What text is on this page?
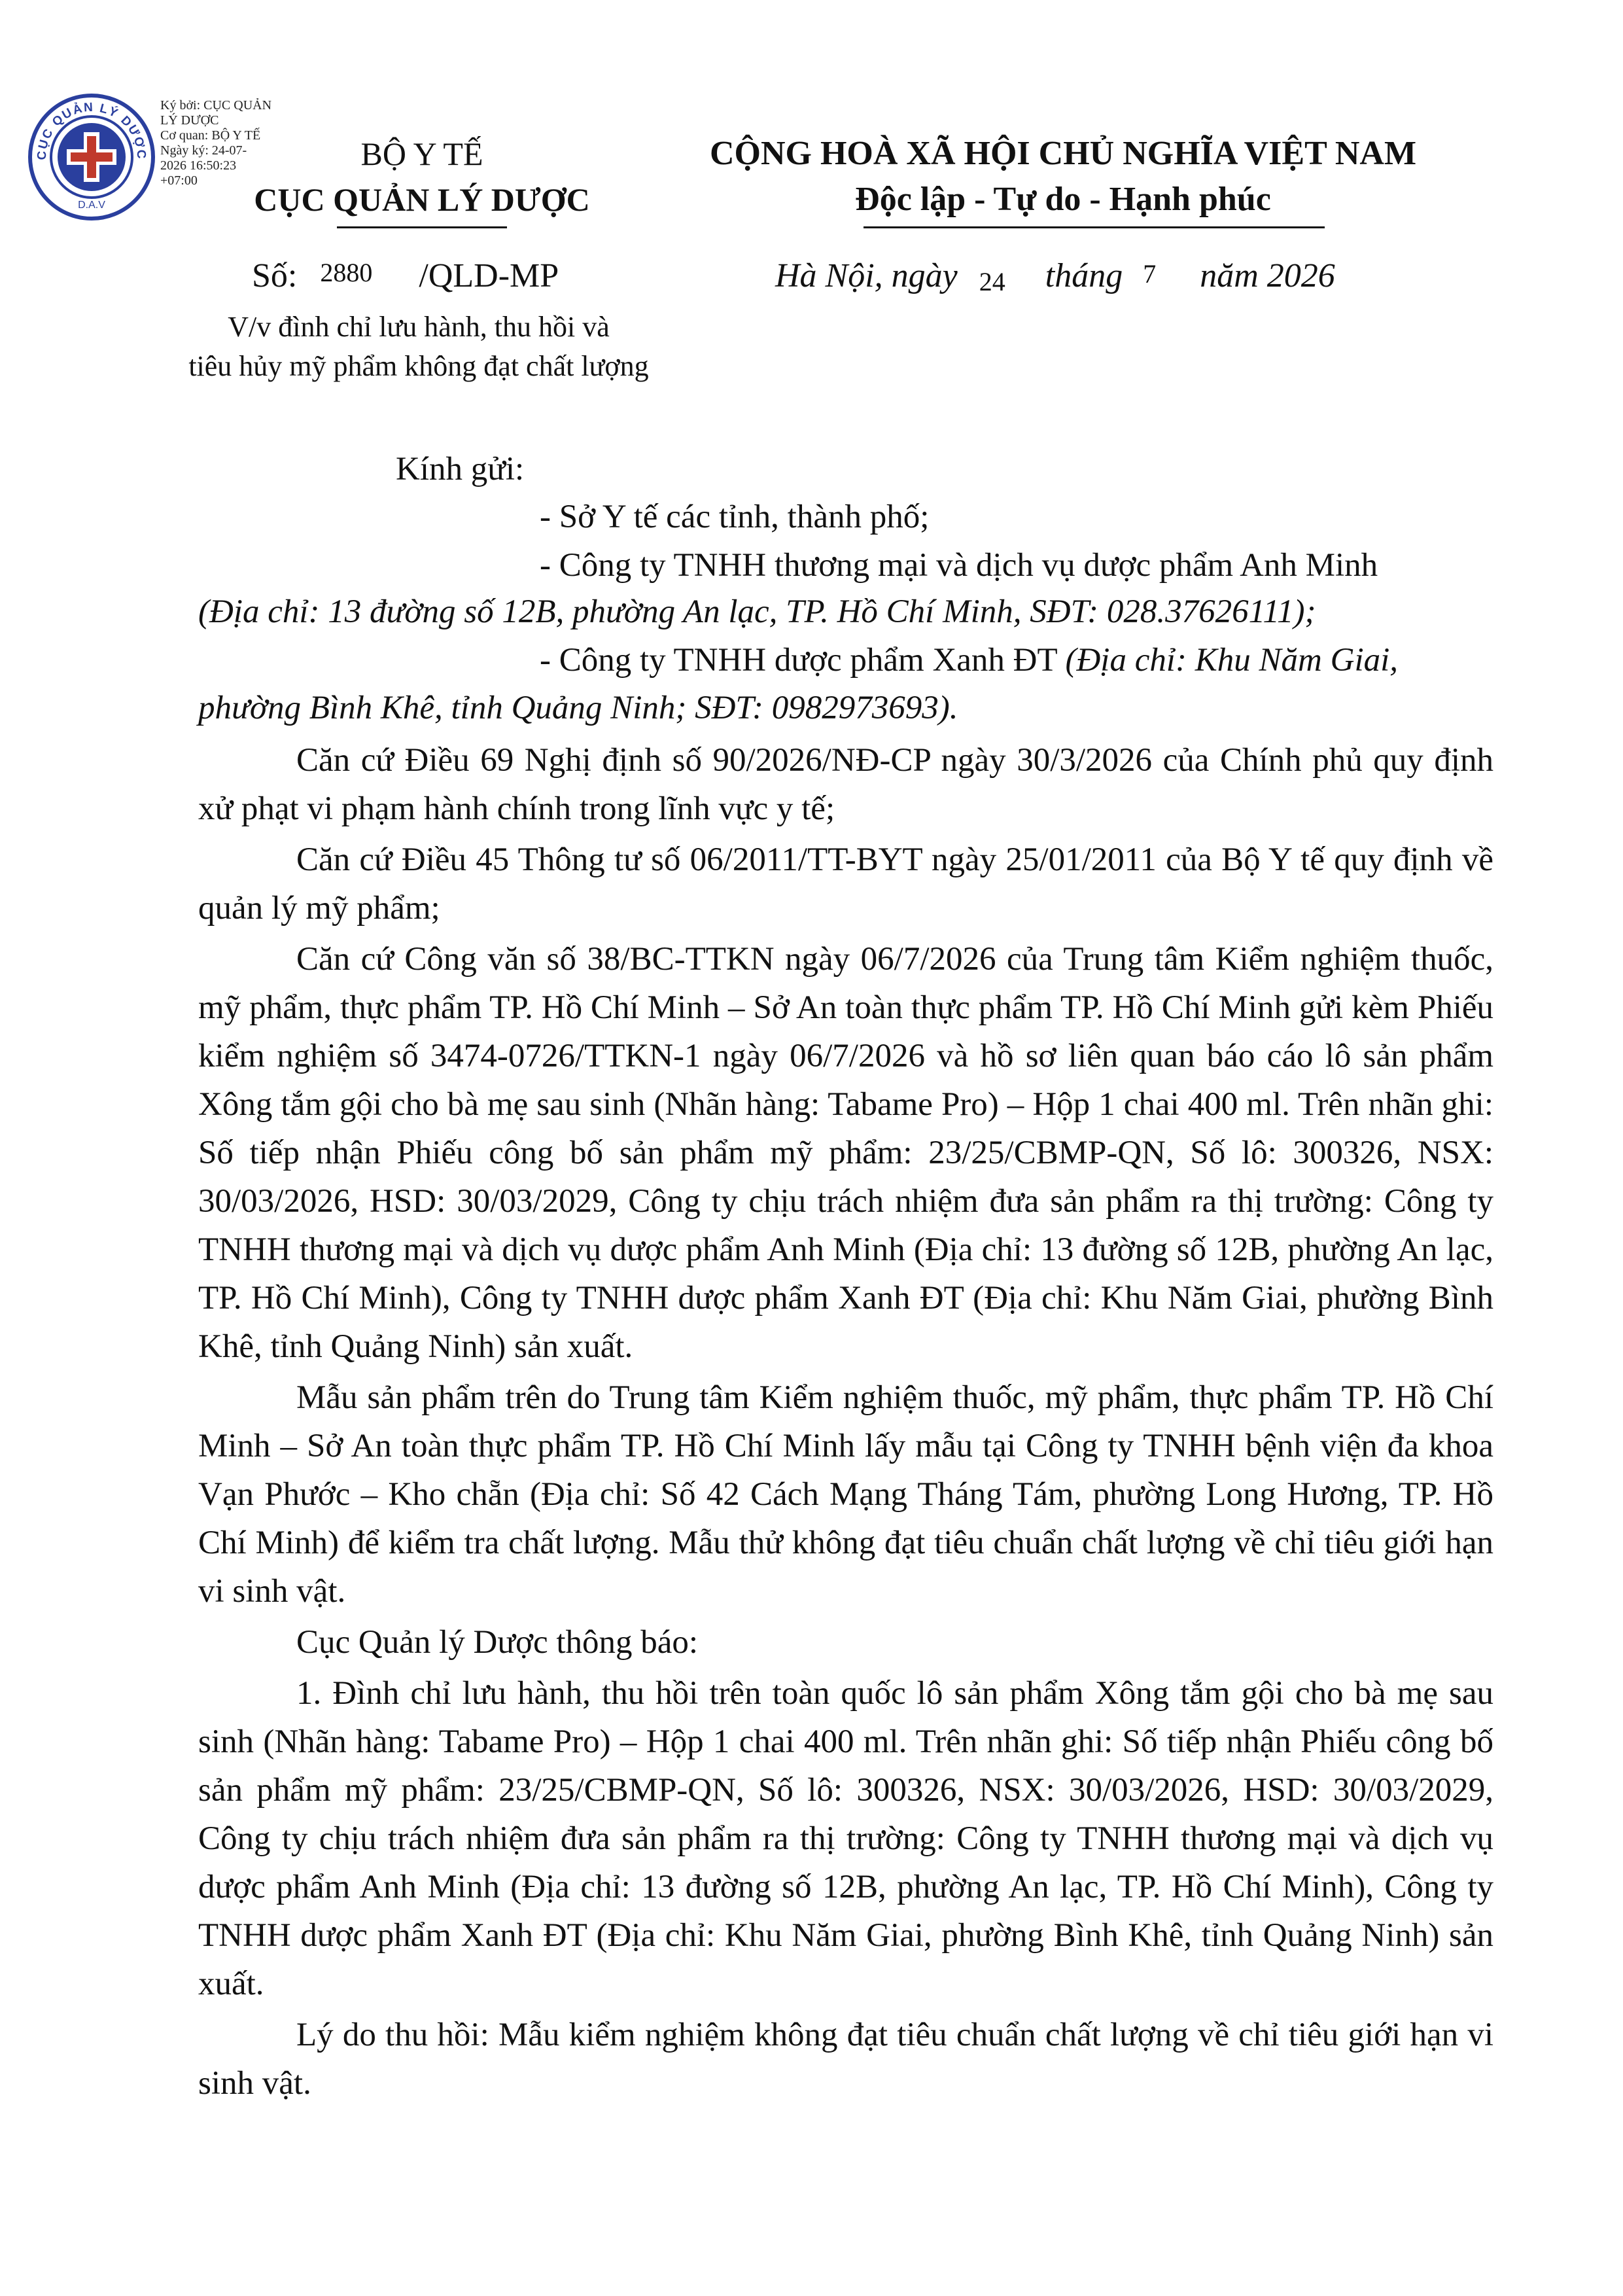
CỤC QUẢN LÝ DƯỢC
D.A.V
Ký bởi: CỤC QUẢN
LÝ DƯỢC
Cơ quan: BỘ Y TẾ
Ngày ký: 24-07-
2026 16:50:23
+07:00
BỘ Y TẾ
CỤC QUẢN LÝ DƯỢC
CỘNG HOÀ XÃ HỘI CHỦ NGHĨA VIỆT NAM
Độc lập - Tự do - Hạnh phúc
Số: 2880 /QLD-MP	Hà Nội, ngày 24 tháng 7 năm 2026
V/v đình chỉ lưu hành, thu hồi và
tiêu hủy mỹ phẩm không đạt chất lượng
Kính gửi:
- Sở Y tế các tỉnh, thành phố;
- Công ty TNHH thương mại và dịch vụ dược phẩm Anh Minh
(Địa chỉ: 13 đường số 12B, phường An lạc, TP. Hồ Chí Minh, SĐT: 028.37626111);
- Công ty TNHH dược phẩm Xanh ĐT (Địa chỉ: Khu Năm Giai,
phường Bình Khê, tỉnh Quảng Ninh; SĐT: 0982973693).

Căn cứ Điều 69 Nghị định số 90/2026/NĐ-CP ngày 30/3/2026 của Chính phủ quy định xử phạt vi phạm hành chính trong lĩnh vực y tế;

Căn cứ Điều 45 Thông tư số 06/2011/TT-BYT ngày 25/01/2011 của Bộ Y tế quy định về quản lý mỹ phẩm;

Căn cứ Công văn số 38/BC-TTKN ngày 06/7/2026 của Trung tâm Kiểm nghiệm thuốc, mỹ phẩm, thực phẩm TP. Hồ Chí Minh – Sở An toàn thực phẩm TP. Hồ Chí Minh gửi kèm Phiếu kiểm nghiệm số 3474-0726/TTKN-1 ngày 06/7/2026 và hồ sơ liên quan báo cáo lô sản phẩm Xông tắm gội cho bà mẹ sau sinh (Nhãn hàng: Tabame Pro) – Hộp 1 chai 400 ml. Trên nhãn ghi: Số tiếp nhận Phiếu công bố sản phẩm mỹ phẩm: 23/25/CBMP-QN, Số lô: 300326, NSX: 30/03/2026, HSD: 30/03/2029, Công ty chịu trách nhiệm đưa sản phẩm ra thị trường: Công ty TNHH thương mại và dịch vụ dược phẩm Anh Minh (Địa chỉ: 13 đường số 12B, phường An lạc, TP. Hồ Chí Minh), Công ty TNHH dược phẩm Xanh ĐT (Địa chỉ: Khu Năm Giai, phường Bình Khê, tỉnh Quảng Ninh) sản xuất.

Mẫu sản phẩm trên do Trung tâm Kiểm nghiệm thuốc, mỹ phẩm, thực phẩm TP. Hồ Chí Minh – Sở An toàn thực phẩm TP. Hồ Chí Minh lấy mẫu tại Công ty TNHH bệnh viện đa khoa Vạn Phước – Kho chẵn (Địa chỉ: Số 42 Cách Mạng Tháng Tám, phường Long Hương, TP. Hồ Chí Minh) để kiểm tra chất lượng. Mẫu thử không đạt tiêu chuẩn chất lượng về chỉ tiêu giới hạn vi sinh vật.

Cục Quản lý Dược thông báo:

1. Đình chỉ lưu hành, thu hồi trên toàn quốc lô sản phẩm Xông tắm gội cho bà mẹ sau sinh (Nhãn hàng: Tabame Pro) – Hộp 1 chai 400 ml. Trên nhãn ghi: Số tiếp nhận Phiếu công bố sản phẩm mỹ phẩm: 23/25/CBMP-QN, Số lô: 300326, NSX: 30/03/2026, HSD: 30/03/2029, Công ty chịu trách nhiệm đưa sản phẩm ra thị trường: Công ty TNHH thương mại và dịch vụ dược phẩm Anh Minh (Địa chỉ: 13 đường số 12B, phường An lạc, TP. Hồ Chí Minh), Công ty TNHH dược phẩm Xanh ĐT (Địa chỉ: Khu Năm Giai, phường Bình Khê, tỉnh Quảng Ninh) sản xuất.

Lý do thu hồi: Mẫu kiểm nghiệm không đạt tiêu chuẩn chất lượng về chỉ tiêu giới hạn vi sinh vật.
